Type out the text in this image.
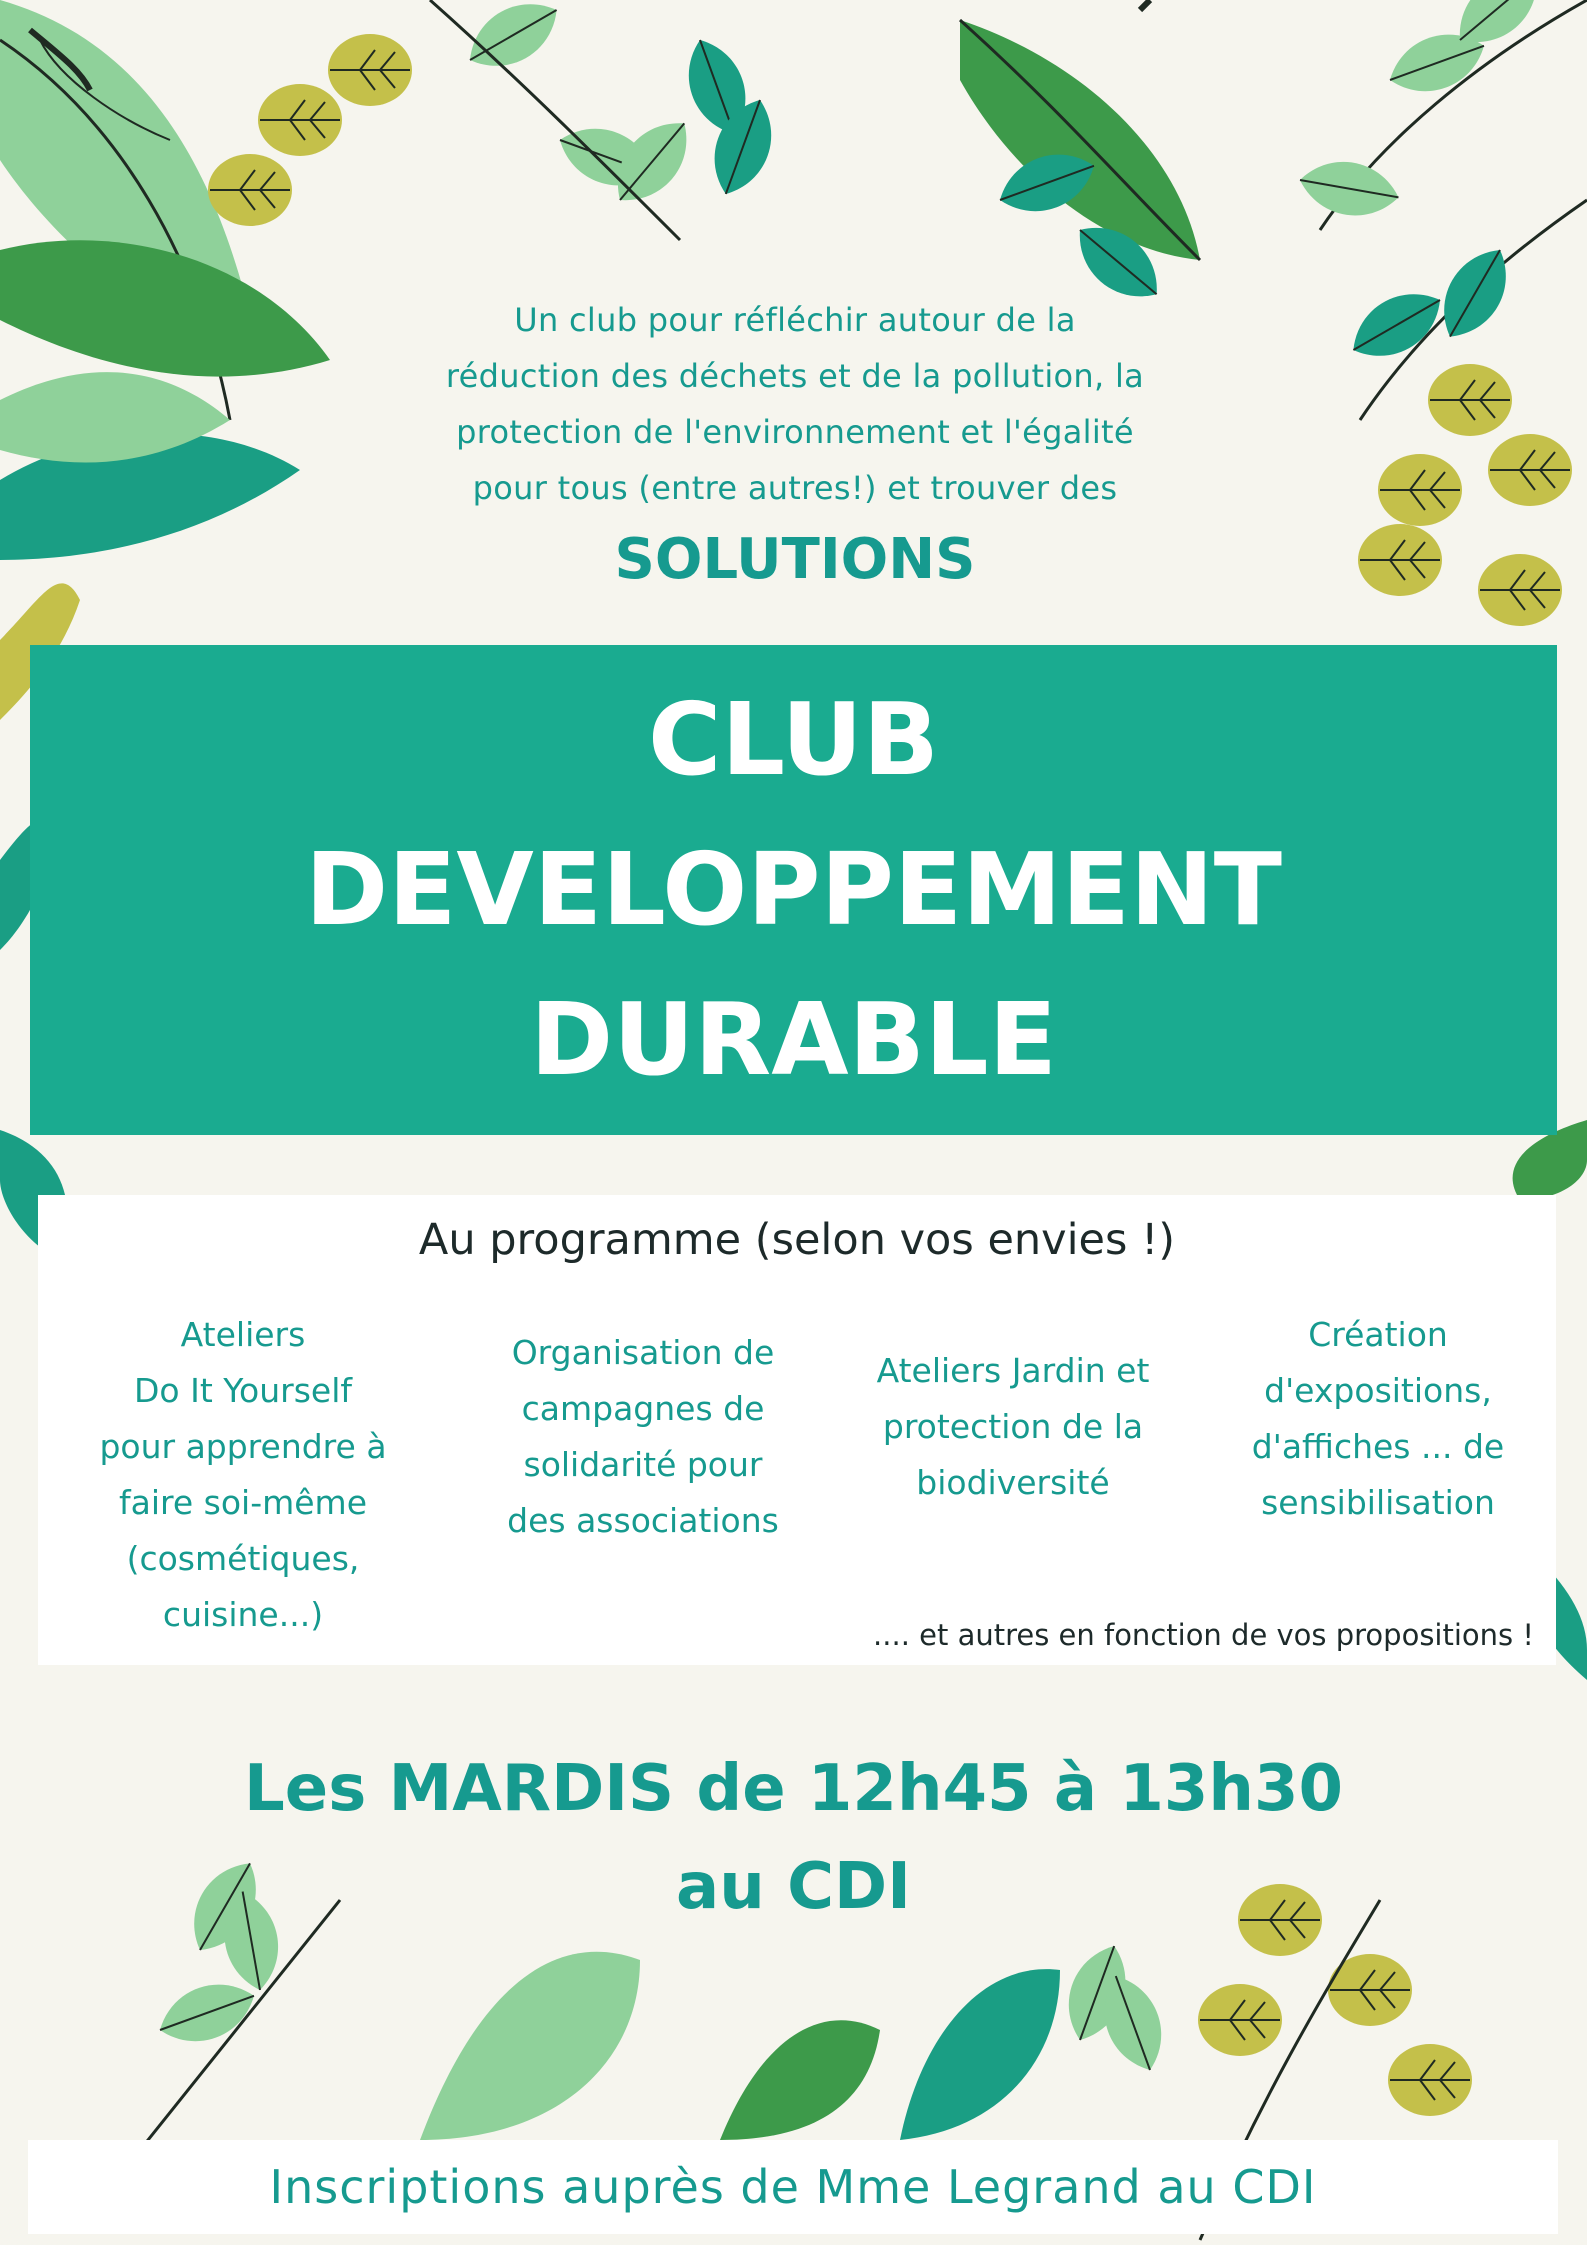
Un club pour réfléchir autour de la
réduction des déchets et de la pollution, la
protection de l'environnement et l'égalité
pour tous (entre autres!) et trouver des
SOLUTIONS
CLUB
DEVELOPPEMENT
DURABLE
Au programme (selon vos envies !)
Ateliers
Do It Yourself
pour apprendre à
faire soi-même
(cosmétiques,
cuisine...)
Organisation de
campagnes de
solidarité pour
des associations
Ateliers Jardin et
protection de la
biodiversité
Création
d'expositions,
d'affiches ... de
sensibilisation
.... et autres en fonction de vos propositions !
Les MARDIS de 12h45 à 13h30
au CDI
Inscriptions auprès de Mme Legrand au CDI
